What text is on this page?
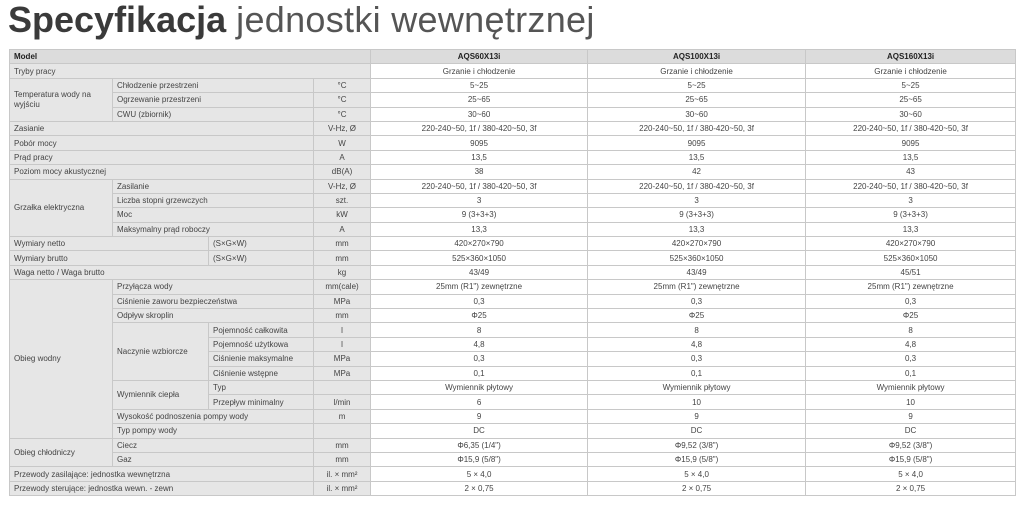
Specyfikacja jednostki wewnętrznej
Model				AQS60X13i	AQS100X13i	AQS160X13i
Tryby pracy				Grzanie i chłodzenie	Grzanie i chłodzenie	Grzanie i chłodzenie
Temperatura wody na wyjściu	Chłodzenie przestrzeni		°C	5~25	5~25	5~25
	Ogrzewanie przestrzeni		°C	25~65	25~65	25~65
	CWU (zbiornik)		°C	30~60	30~60	30~60
Zasianie			V-Hz, Ø	220-240~50, 1f / 380-420~50, 3f	220-240~50, 1f / 380-420~50, 3f	220-240~50, 1f / 380-420~50, 3f
Pobór mocy			W	9095	9095	9095
Prąd pracy			A	13,5	13,5	13,5
Poziom mocy akustycznej			dB(A)	38	42	43
Grzałka elektryczna	Zasilanie		V-Hz, Ø	220-240~50, 1f / 380-420~50, 3f	220-240~50, 1f / 380-420~50, 3f	220-240~50, 1f / 380-420~50, 3f
	Liczba stopni grzewczych		szt.	3	3	3
	Moc		kW	9 (3+3+3)	9 (3+3+3)	9 (3+3+3)
	Maksymalny prąd roboczy		A	13,3	13,3	13,3
Wymiary netto		(S×G×W)	mm	420×270×790	420×270×790	420×270×790
Wymiary brutto		(S×G×W)	mm	525×360×1050	525×360×1050	525×360×1050
Waga netto / Waga brutto			kg	43/49	43/49	45/51
Obieg wodny	Przyłącza wody		mm(cale)	25mm (R1") zewnętrzne	25mm (R1") zewnętrzne	25mm (R1") zewnętrzne
	Ciśnienie zaworu bezpieczeństwa		MPa	0,3	0,3	0,3
	Odpływ skroplin		mm	Φ25	Φ25	Φ25
	Naczynie wzbiorcze	Pojemność całkowita	l	8	8	8
		Pojemność użytkowa	l	4,8	4,8	4,8
		Ciśnienie maksymalne	MPa	0,3	0,3	0,3
		Ciśnienie wstępne	MPa	0,1	0,1	0,1
	Wymiennik ciepła	Typ		Wymiennik płytowy	Wymiennik płytowy	Wymiennik płytowy
		Przepływ minimalny	l/min	6	10	10
	Wysokość podnoszenia pompy wody		m	9	9	9
	Typ pompy wody			DC	DC	DC
Obieg chłodniczy	Ciecz		mm	Φ6,35 (1/4")	Φ9,52 (3/8")	Φ9,52 (3/8")
	Gaz		mm	Φ15,9 (5/8")	Φ15,9 (5/8")	Φ15,9 (5/8")
Przewody zasilające: jednostka wewnętrzna			il. × mm²	5 × 4,0	5 × 4,0	5 × 4,0
Przewody sterujące: jednostka wewn. - zewn			il. × mm²	2 × 0,75	2 × 0,75	2 × 0,75
